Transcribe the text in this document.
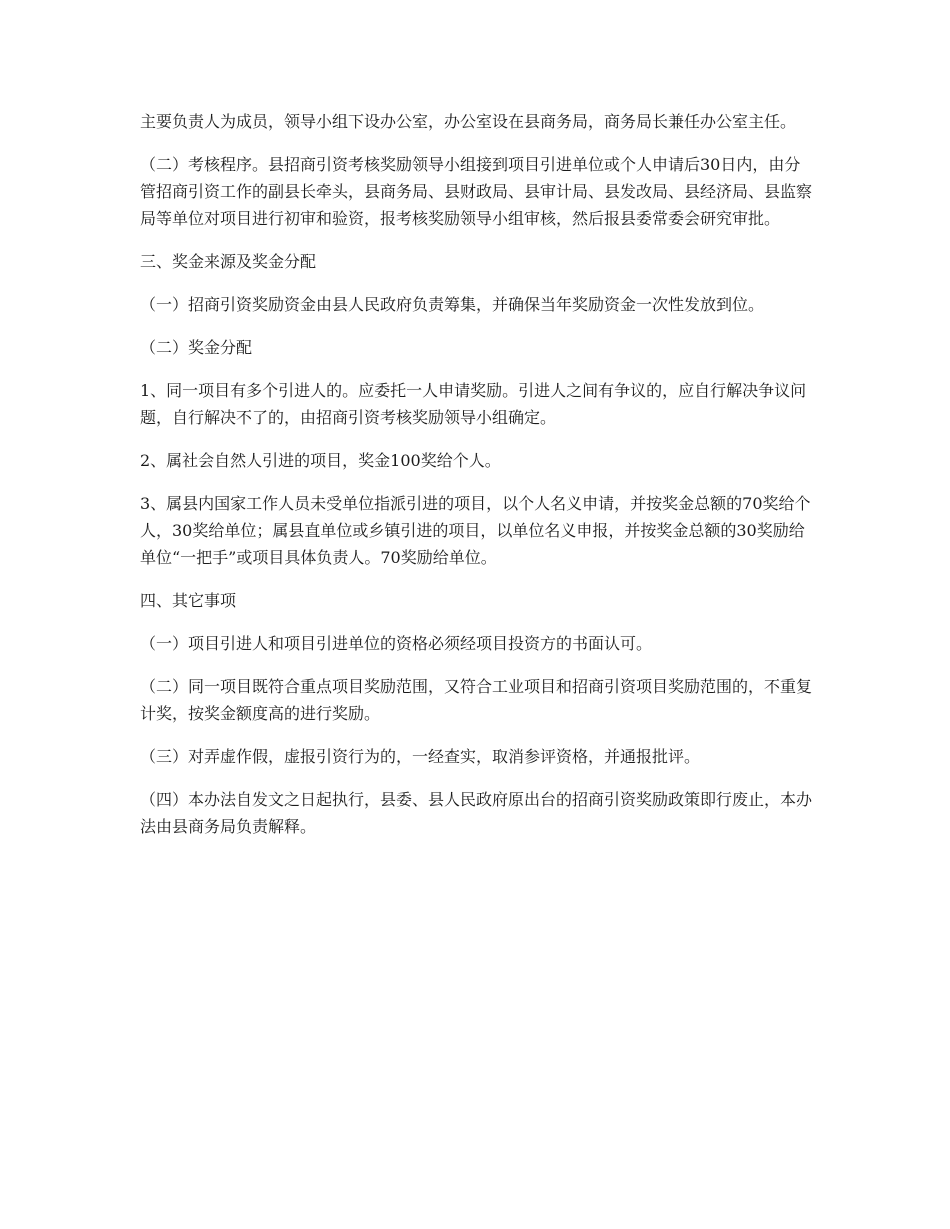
主要负责人为成员，领导小组下设办公室，办公室设在县商务局，商务局长兼任办公室主任。

（二）考核程序。县招商引资考核奖励领导小组接到项目引进单位或个人申请后30日内，由分管招商引资工作的副县长牵头，县商务局、县财政局、县审计局、县发改局、县经济局、县监察局等单位对项目进行初审和验资，报考核奖励领导小组审核，然后报县委常委会研究审批。

三、奖金来源及奖金分配

（一）招商引资奖励资金由县人民政府负责筹集，并确保当年奖励资金一次性发放到位。

（二）奖金分配

1、同一项目有多个引进人的。应委托一人申请奖励。引进人之间有争议的，应自行解决争议问题，自行解决不了的，由招商引资考核奖励领导小组确定。

2、属社会自然人引进的项目，奖金100奖给个人。

3、属县内国家工作人员未受单位指派引进的项目，以个人名义申请，并按奖金总额的70奖给个人，30奖给单位；属县直单位或乡镇引进的项目，以单位名义申报，并按奖金总额的30奖励给单位“一把手”或项目具体负责人。70奖励给单位。

四、其它事项

（一）项目引进人和项目引进单位的资格必须经项目投资方的书面认可。

（二）同一项目既符合重点项目奖励范围，又符合工业项目和招商引资项目奖励范围的，不重复计奖，按奖金额度高的进行奖励。

（三）对弄虚作假，虚报引资行为的，一经查实，取消参评资格，并通报批评。

（四）本办法自发文之日起执行，县委、县人民政府原出台的招商引资奖励政策即行废止，本办法由县商务局负责解释。
